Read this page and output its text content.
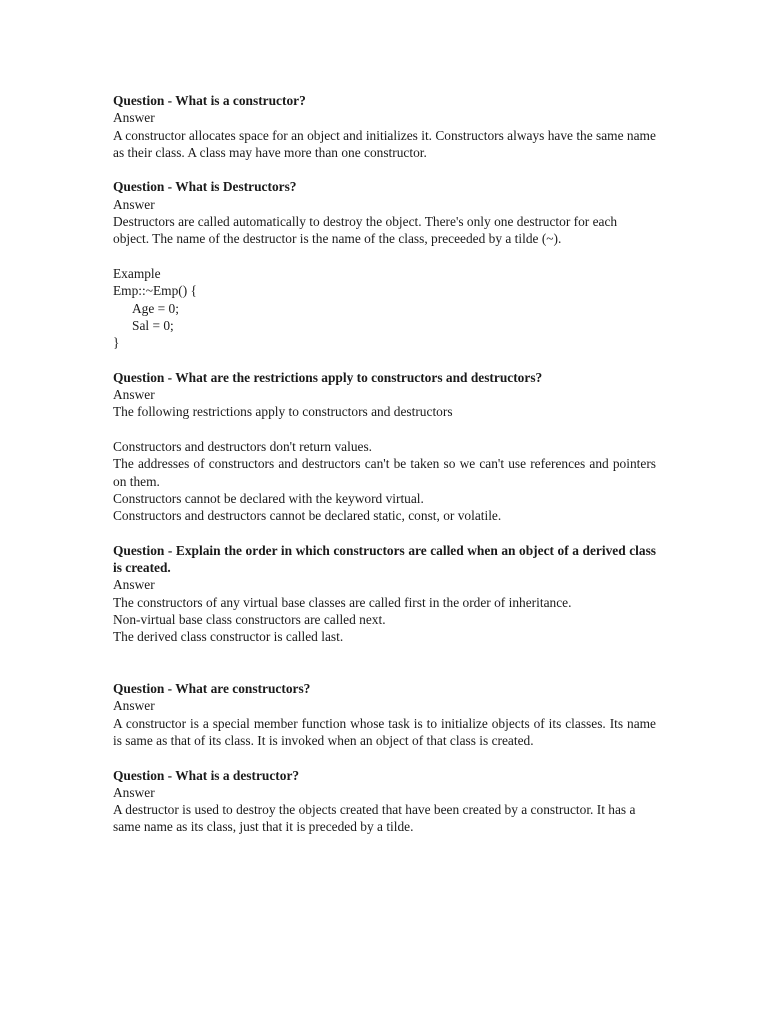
Question - What is a constructor?
Answer
A constructor allocates space for an object and initializes it. Constructors always have the same name as their class. A class may have more than one constructor.
Question - What is Destructors?
Answer
Destructors are called automatically to destroy the object. There's only one destructor for each object. The name of the destructor is the name of the class, preceeded by a tilde (~).
Example
Emp::~Emp() {
Age = 0;
Sal = 0;
}
Question - What are the restrictions apply to constructors and destructors?
Answer
The following restrictions apply to constructors and destructors
Constructors and destructors don't return values.
The addresses of constructors and destructors can't be taken so we can't use references and pointers on them.
Constructors cannot be declared with the keyword virtual.
Constructors and destructors cannot be declared static, const, or volatile.
Question - Explain the order in which constructors are called when an object of a derived class is created.
Answer
The constructors of any virtual base classes are called first in the order of inheritance.
Non-virtual base class constructors are called next.
The derived class constructor is called last.
Question - What are constructors?
Answer
A constructor is a special member function whose task is to initialize objects of its classes. Its name is same as that of its class. It is invoked when an object of that class is created.
Question - What is a destructor?
Answer
A destructor is used to destroy the objects created that have been created by a constructor. It has a same name as its class, just that it is preceded by a tilde.
